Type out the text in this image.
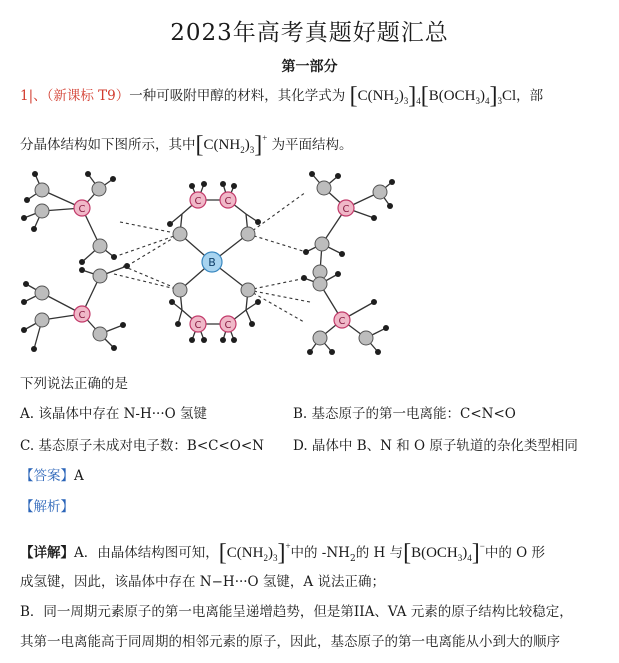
2023年高考真题好题汇总
第一部分
1|、（新课标 T9）一种可吸附甲醇的材料，其化学式为 $[C(NH_2)_3]_4[B(OCH_3)_4]_3Cl$，部
分晶体结构如下图所示，其中$[C(NH_2)_3]^+$ 为平面结构。
C
C
C C
C C
C
C
B
下列说法正确的是
A. 该晶体中存在 N-H···O 氢键	B. 基态原子的第一电离能：C<N<O
C. 基态原子未成对电子数：B<C<O<N D. 晶体中 B、N 和 O 原子轨道的杂化类型相同
【答案】A
【解析】
【详解】A．由晶体结构图可知，$[C(NH_2)_3]^+$中的 $-NH_2$的 H 与$[B(OCH_3)_4]^-$中的 O 形
成氢键，因此，该晶体中存在 N−H···O 氢键，A 说法正确；
B．同一周期元素原子的第一电离能呈递增趋势，但是第IIA、VA 元素的原子结构比较稳定，
其第一电离能高于同周期的相邻元素的原子，因此，基态原子的第一电离能从小到大的顺序
